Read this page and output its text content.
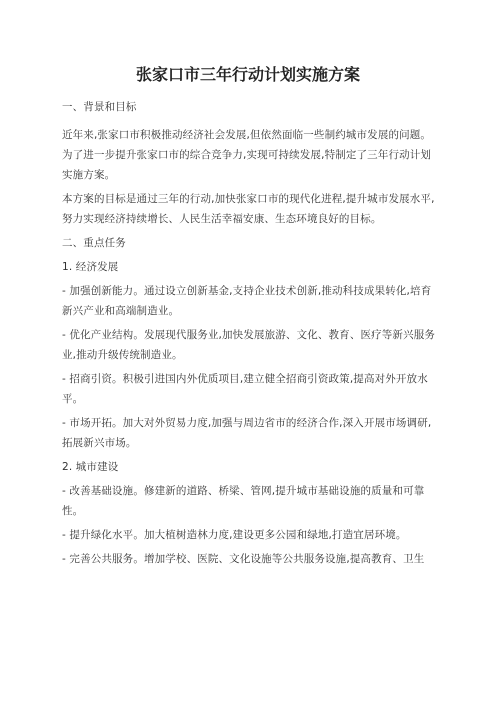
张家口市三年行动计划实施方案

一、背景和目标

近年来,张家口市积极推动经济社会发展,但依然面临一些制约城市发展的问题。为了进一步提升张家口市的综合竞争力,实现可持续发展,特制定了三年行动计划实施方案。

本方案的目标是通过三年的行动,加快张家口市的现代化进程,提升城市发展水平,努力实现经济持续增长、人民生活幸福安康、生态环境良好的目标。

二、重点任务

1. 经济发展

- 加强创新能力。通过设立创新基金,支持企业技术创新,推动科技成果转化,培育新兴产业和高端制造业。

- 优化产业结构。发展现代服务业,加快发展旅游、文化、教育、医疗等新兴服务业,推动升级传统制造业。

- 招商引资。积极引进国内外优质项目,建立健全招商引资政策,提高对外开放水平。

- 市场开拓。加大对外贸易力度,加强与周边省市的经济合作,深入开展市场调研,拓展新兴市场。

2. 城市建设

- 改善基础设施。修建新的道路、桥梁、管网,提升城市基础设施的质量和可靠性。

- 提升绿化水平。加大植树造林力度,建设更多公园和绿地,打造宜居环境。

- 完善公共服务。增加学校、医院、文化设施等公共服务设施,提高教育、卫生
